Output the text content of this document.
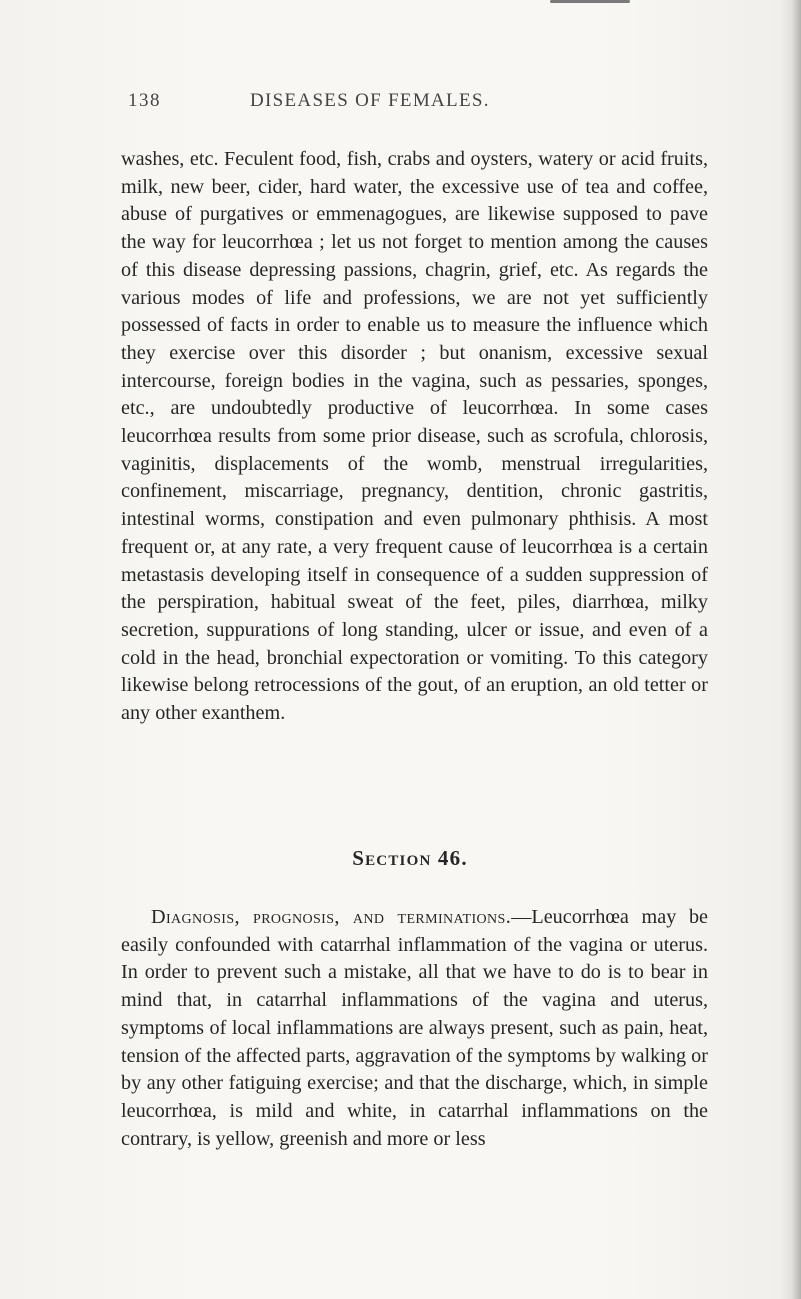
138	DISEASES OF FEMALES.

washes, etc. Feculent food, fish, crabs and oysters, watery or acid fruits, milk, new beer, cider, hard water, the excessive use of tea and coffee, abuse of purgatives or emmenagogues, are likewise supposed to pave the way for leucorrhœa ; let us not forget to mention among the causes of this disease depressing passions, chagrin, grief, etc. As regards the various modes of life and professions, we are not yet sufficiently possessed of facts in order to enable us to measure the influence which they exercise over this disorder ; but onanism, excessive sexual intercourse, foreign bodies in the vagina, such as pessaries, sponges, etc., are undoubtedly productive of leucorrhœa. In some cases leucorrhœa results from some prior disease, such as scrofula, chlorosis, vaginitis, displacements of the womb, menstrual irregularities, confinement, miscarriage, pregnancy, dentition, chronic gastritis, intestinal worms, constipation and even pulmonary phthisis. A most frequent or, at any rate, a very frequent cause of leucorrhœa is a certain metastasis developing itself in consequence of a sudden suppression of the perspiration, habitual sweat of the feet, piles, diarrhœa, milky secretion, suppurations of long standing, ulcer or issue, and even of a cold in the head, bronchial expectoration or vomiting. To this category likewise belong retrocessions of the gout, of an eruption, an old tetter or any other exanthem.

Section 46.

Diagnosis, prognosis, and terminations.—Leucorrhœa may be easily confounded with catarrhal inflammation of the vagina or uterus. In order to prevent such a mistake, all that we have to do is to bear in mind that, in catarrhal inflammations of the vagina and uterus, symptoms of local inflammations are always present, such as pain, heat, tension of the affected parts, aggravation of the symptoms by walking or by any other fatiguing exercise; and that the discharge, which, in simple leucorrhœa, is mild and white, in catarrhal inflammations on the contrary, is yellow, greenish and more or less
